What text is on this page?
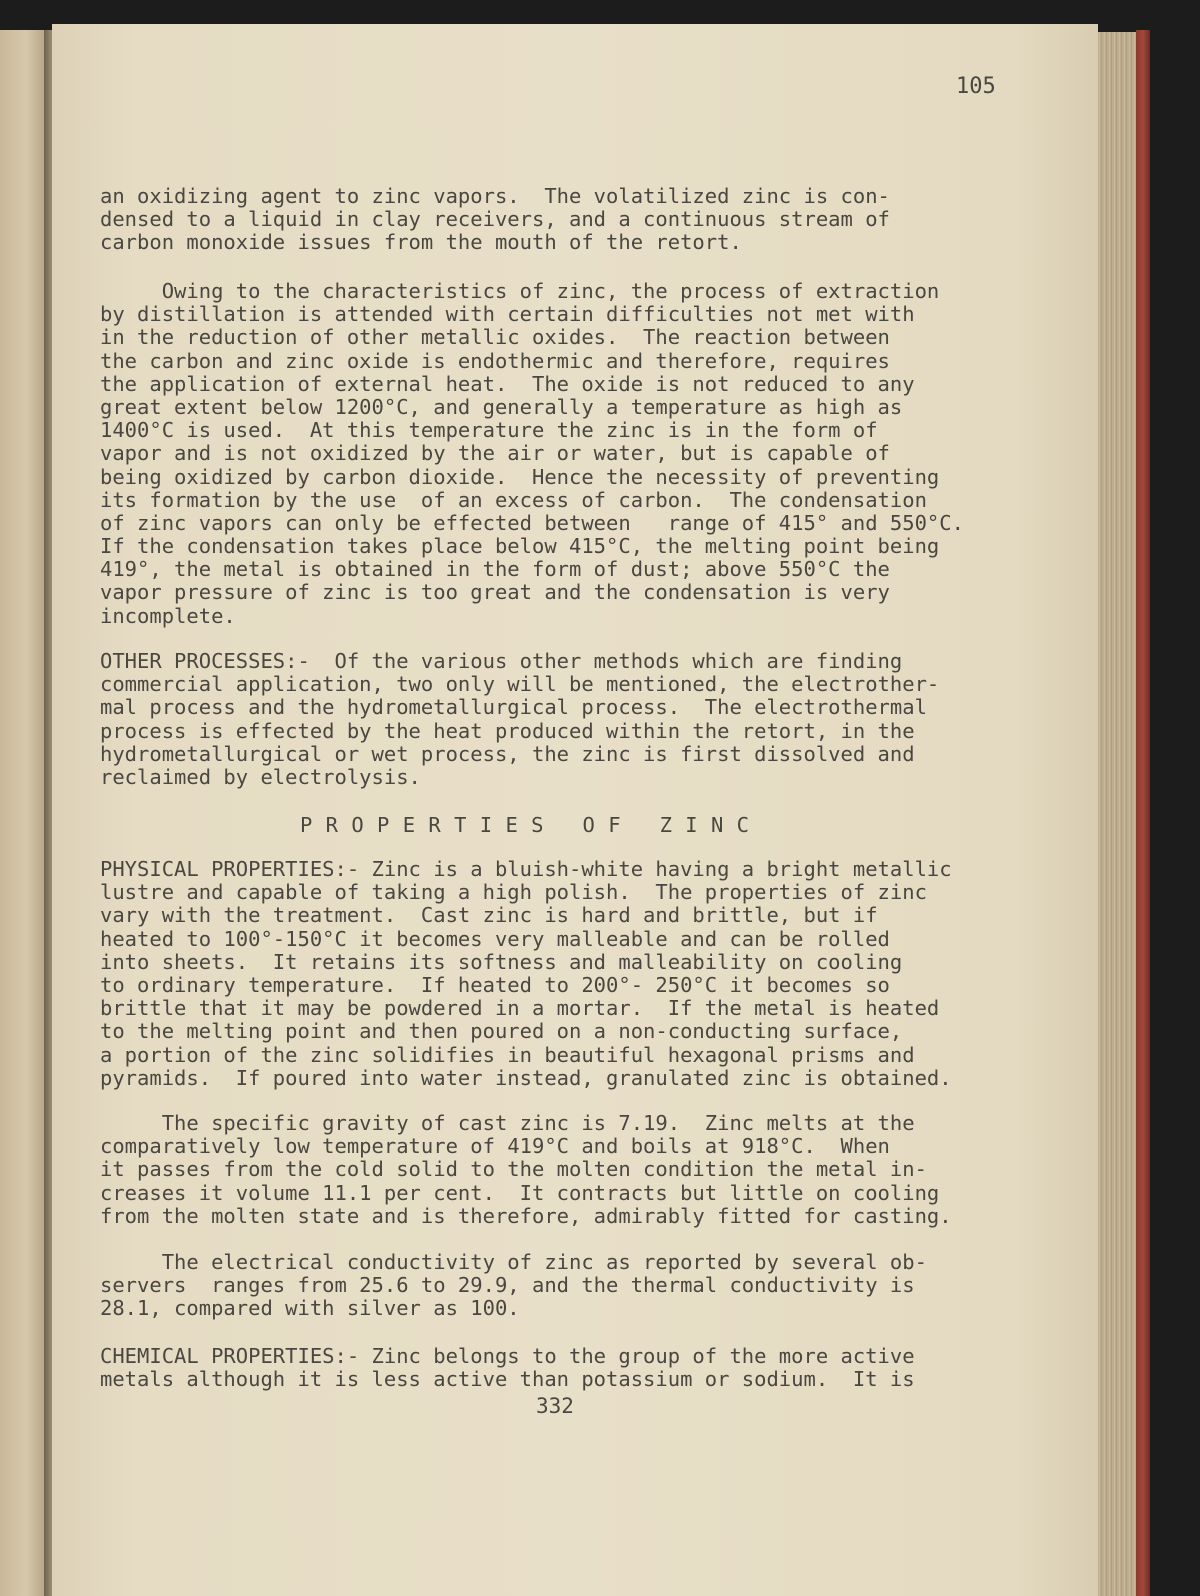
105

an oxidizing agent to zinc vapors.  The volatilized zinc is con-
densed to a liquid in clay receivers, and a continuous stream of
carbon monoxide issues from the mouth of the retort.
Owing to the characteristics of zinc, the process of extraction
by distillation is attended with certain difficulties not met with
in the reduction of other metallic oxides.  The reaction between
the carbon and zinc oxide is endothermic and therefore, requires
the application of external heat.  The oxide is not reduced to any
great extent below 1200°C, and generally a temperature as high as
1400°C is used.  At this temperature the zinc is in the form of
vapor and is not oxidized by the air or water, but is capable of
being oxidized by carbon dioxide.  Hence the necessity of preventing
its formation by the use  of an excess of carbon.  The condensation
of zinc vapors can only be effected between   range of 415° and 550°C.
If the condensation takes place below 415°C, the melting point being
419°, the metal is obtained in the form of dust; above 550°C the
vapor pressure of zinc is too great and the condensation is very
incomplete.
OTHER PROCESSES:-  Of the various other methods which are finding
commercial application, two only will be mentioned, the electrother-
mal process and the hydrometallurgical process.  The electrothermal
process is effected by the heat produced within the retort, in the
hydrometallurgical or wet process, the zinc is first dissolved and
reclaimed by electrolysis.

P R O P E R T I E S   O F   Z I N C

PHYSICAL PROPERTIES:- Zinc is a bluish-white having a bright metallic
lustre and capable of taking a high polish.  The properties of zinc
vary with the treatment.  Cast zinc is hard and brittle, but if
heated to 100°-150°C it becomes very malleable and can be rolled
into sheets.  It retains its softness and malleability on cooling
to ordinary temperature.  If heated to 200°- 250°C it becomes so
brittle that it may be powdered in a mortar.  If the metal is heated
to the melting point and then poured on a non-conducting surface,
a portion of the zinc solidifies in beautiful hexagonal prisms and
pyramids.  If poured into water instead, granulated zinc is obtained.
The specific gravity of cast zinc is 7.19.  Zinc melts at the
comparatively low temperature of 419°C and boils at 918°C.  When
it passes from the cold solid to the molten condition the metal in-
creases it volume 11.1 per cent.  It contracts but little on cooling
from the molten state and is therefore, admirably fitted for casting.
The electrical conductivity of zinc as reported by several ob-
servers  ranges from 25.6 to 29.9, and the thermal conductivity is
28.1, compared with silver as 100.
CHEMICAL PROPERTIES:- Zinc belongs to the group of the more active
metals although it is less active than potassium or sodium.  It is

332
